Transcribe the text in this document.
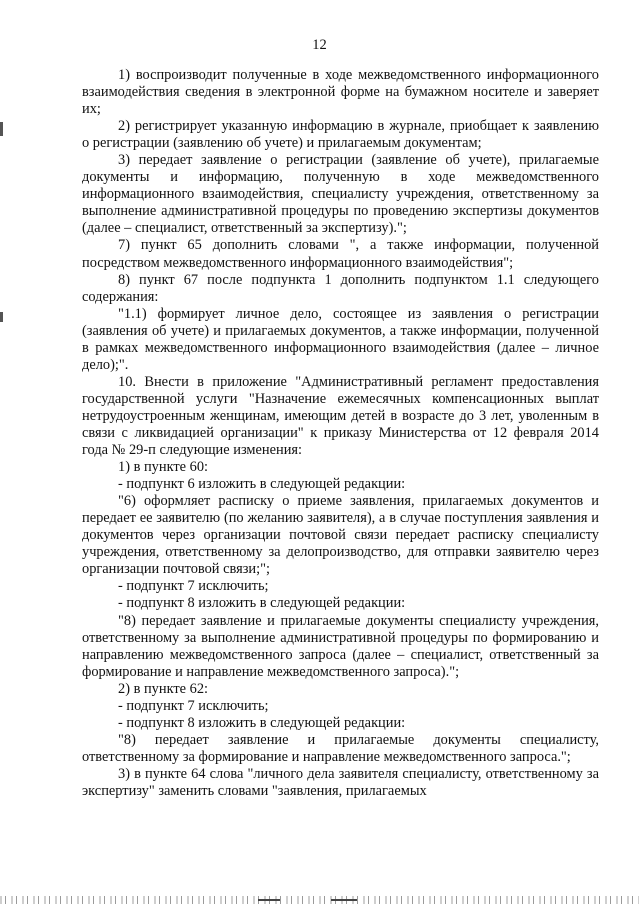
12

1) воспроизводит полученные в ходе межведомственного информационного взаимодействия сведения в электронной форме на бумажном носителе и заверяет их;

2) регистрирует указанную информацию в журнале, приобщает к заявлению о регистрации (заявлению об учете) и прилагаемым документам;

3) передает заявление о регистрации (заявление об учете), прилагаемые документы и информацию, полученную в ходе межведомственного информационного взаимодействия, специалисту учреждения, ответственному за выполнение административной процедуры по проведению экспертизы документов (далее – специалист, ответственный за экспертизу).";

7) пункт 65 дополнить словами ", а также информации, полученной посредством межведомственного информационного взаимодействия";

8) пункт 67 после подпункта 1 дополнить подпунктом 1.1 следующего содержания:

"1.1) формирует личное дело, состоящее из заявления о регистрации (заявления об учете) и прилагаемых документов, а также информации, полученной в рамках межведомственного информационного взаимодействия (далее – личное дело);".

10. Внести в приложение "Административный регламент предоставления государственной услуги "Назначение ежемесячных компенсационных выплат нетрудоустроенным женщинам, имеющим детей в возрасте до 3 лет, уволенным в связи с ликвидацией организации" к приказу Министерства от 12 февраля 2014 года № 29-п следующие изменения:

1) в пункте 60:

- подпункт 6 изложить в следующей редакции:

"6) оформляет расписку о приеме заявления, прилагаемых документов и передает ее заявителю (по желанию заявителя), а в случае поступления заявления и документов через организации почтовой связи передает расписку специалисту учреждения, ответственному за делопроизводство, для отправки заявителю через организации почтовой связи;";

- подпункт 7 исключить;

- подпункт 8 изложить в следующей редакции:

"8) передает заявление и прилагаемые документы специалисту учреждения, ответственному за выполнение административной процедуры по формированию и направлению межведомственного запроса (далее – специалист, ответственный за формирование и направление межведомственного запроса).";

2) в пункте 62:

- подпункт 7 исключить;

- подпункт 8 изложить в следующей редакции:

"8) передает заявление и прилагаемые документы специалисту, ответственному за формирование и направление межведомственного запроса.";

3) в пункте 64 слова "личного дела заявителя специалисту, ответственному за экспертизу" заменить словами "заявления, прилагаемых
